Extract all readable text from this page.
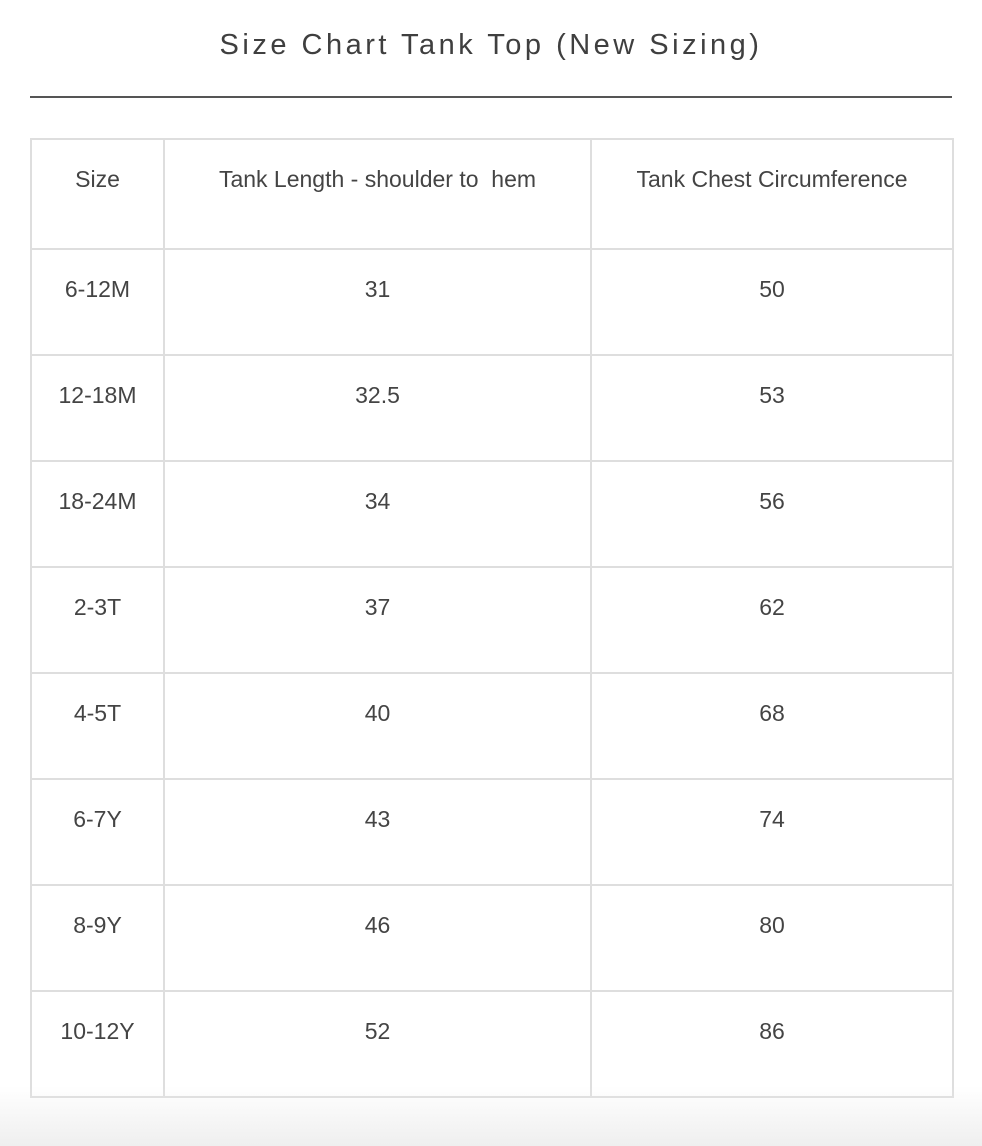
Size Chart Tank Top (New Sizing)
Size	Tank Length - shoulder to  hem	Tank Chest Circumference
6-12M	31	50
12-18M	32.5	53
18-24M	34	56
2-3T	37	62
4-5T	40	68
6-7Y	43	74
8-9Y	46	80
10-12Y	52	86
